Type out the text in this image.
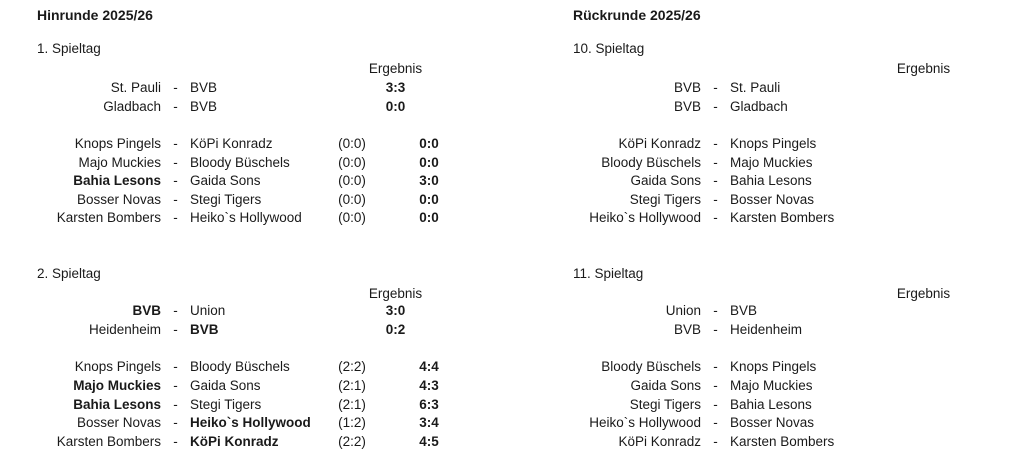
Hinrunde 2025/26	Rückrunde 2025/26
1. Spieltag	10. Spieltag
Ergebnis	Ergebnis
St. Pauli - BVB	3:3	BVB - St. Pauli
Gladbach - BVB	0:0	BVB - Gladbach
Knops Pingels - KöPi Konradz	(0:0)	0:0	KöPi Konradz - Knops Pingels
Majo Muckies - Bloody Büschels	(0:0)	0:0	Bloody Büschels - Majo Muckies
Bahia Lesons - Gaida Sons	(0:0)	3:0	Gaida Sons - Bahia Lesons
Bosser Novas - Stegi Tigers	(0:0)	0:0	Stegi Tigers - Bosser Novas
Karsten Bombers - Heiko`s Hollywood	(0:0)	0:0	Heiko`s Hollywood - Karsten Bombers
2. Spieltag	11. Spieltag
Ergebnis	Ergebnis
BVB - Union	3:0	Union - BVB
Heidenheim - BVB	0:2	BVB - Heidenheim
Knops Pingels - Bloody Büschels	(2:2)	4:4	Bloody Büschels - Knops Pingels
Majo Muckies - Gaida Sons	(2:1)	4:3	Gaida Sons - Majo Muckies
Bahia Lesons - Stegi Tigers	(2:1)	6:3	Stegi Tigers - Bahia Lesons
Bosser Novas - Heiko`s Hollywood	(1:2)	3:4	Heiko`s Hollywood - Bosser Novas
Karsten Bombers - KöPi Konradz	(2:2)	4:5	KöPi Konradz - Karsten Bombers
